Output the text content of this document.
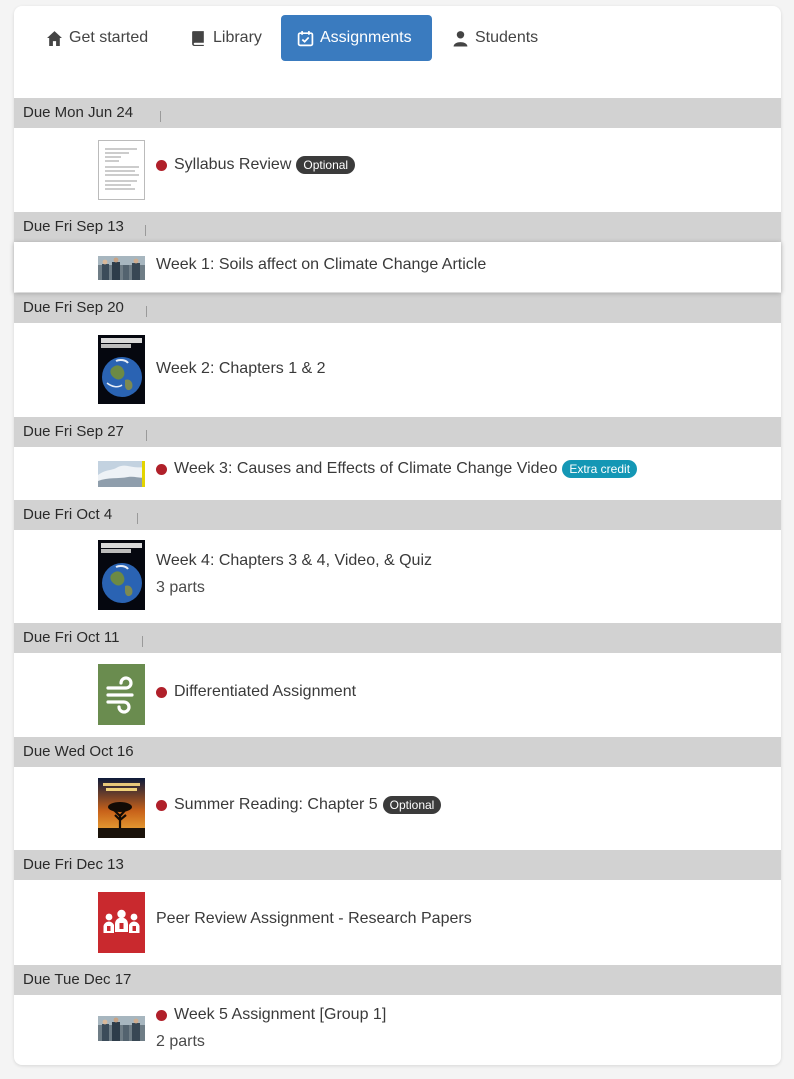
Get started	Library	Assignments	Students
Due Mon Jun 24
Syllabus Review	Optional
Due Fri Sep 13
Week 1: Soils affect on Climate Change Article
Due Fri Sep 20
Week 2: Chapters 1 & 2
Due Fri Sep 27
Week 3: Causes and Effects of Climate Change Video	Extra credit
Due Fri Oct 4
Week 4: Chapters 3 & 4, Video, & Quiz
3 parts
Due Fri Oct 11
Differentiated Assignment
Due Wed Oct 16
Summer Reading: Chapter 5	Optional
Due Fri Dec 13
Peer Review Assignment - Research Papers
Due Tue Dec 17
Week 5 Assignment [Group 1]
2 parts
